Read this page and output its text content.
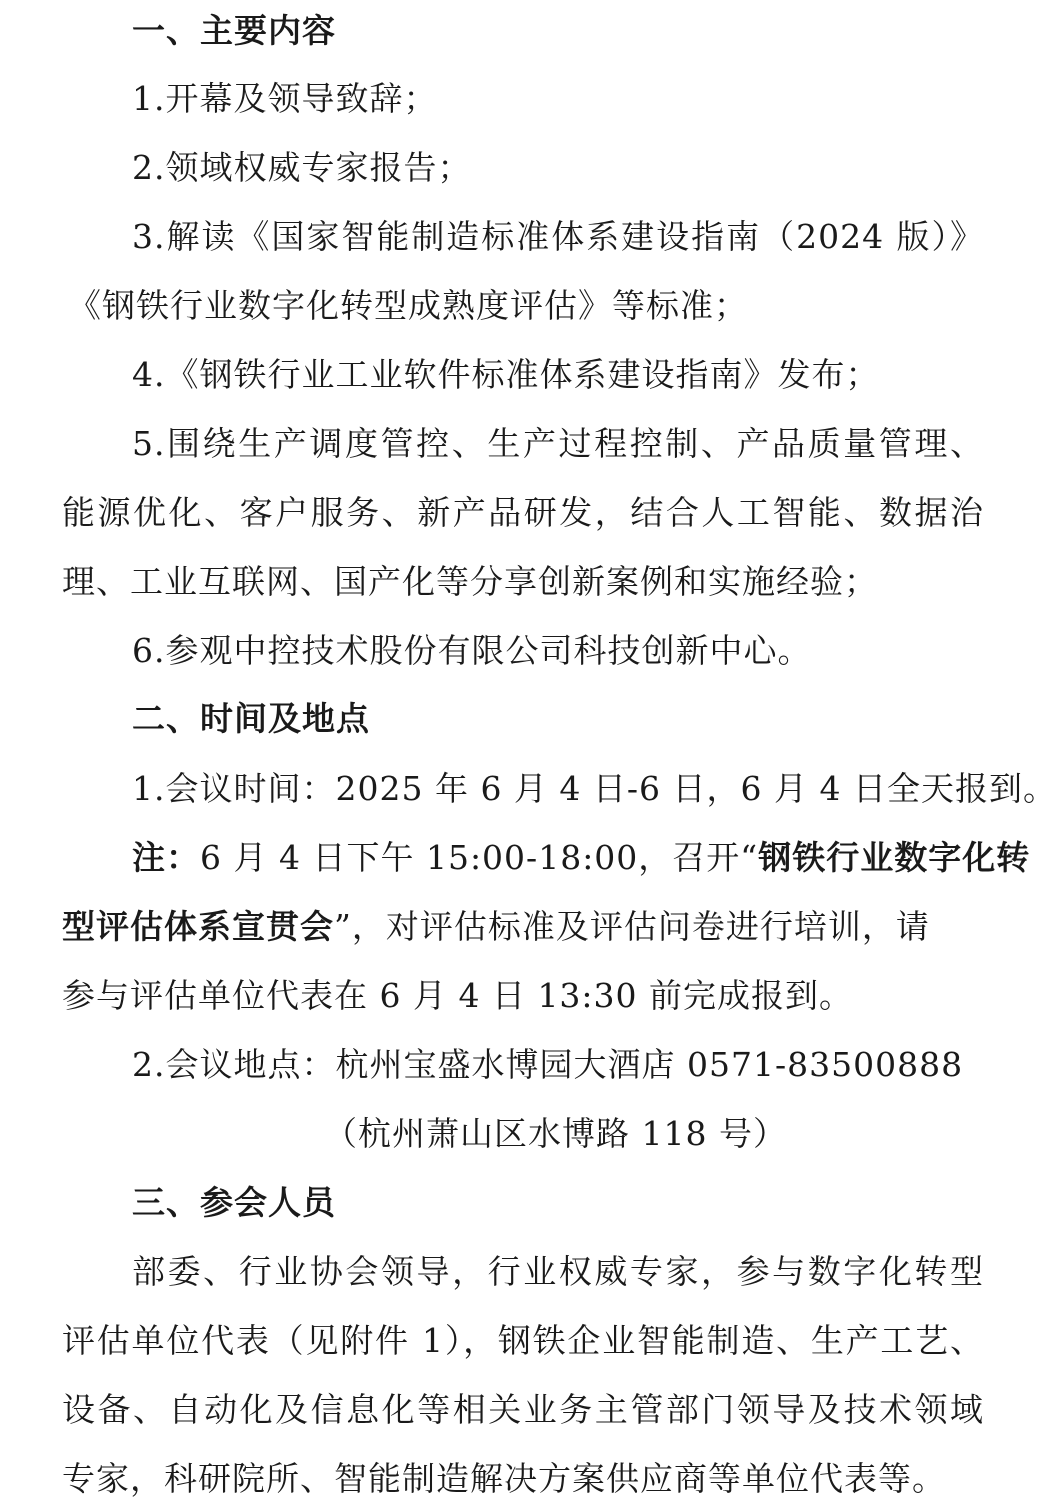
一、主要内容
1.开幕及领导致辞；
2.领域权威专家报告；
3.解读《国家智能制造标准体系建设指南（2024 版）》
《钢铁行业数字化转型成熟度评估》等标准；
4.《钢铁行业工业软件标准体系建设指南》发布；
5.围绕生产调度管控、生产过程控制、产品质量管理、
能源优化、客户服务、新产品研发，结合人工智能、数据治
理、工业互联网、国产化等分享创新案例和实施经验；
6.参观中控技术股份有限公司科技创新中心。
二、时间及地点
1.会议时间：2025 年 6 月 4 日-6 日，6 月 4 日全天报到。
注：6 月 4 日下午 15:00-18:00，召开“钢铁行业数字化转
型评估体系宣贯会”，对评估标准及评估问卷进行培训，请
参与评估单位代表在 6 月 4 日 13:30 前完成报到。
2.会议地点：杭州宝盛水博园大酒店 0571-83500888
（杭州萧山区水博路 118 号）
三、参会人员
部委、行业协会领导，行业权威专家，参与数字化转型
评估单位代表（见附件 1），钢铁企业智能制造、生产工艺、
设备、自动化及信息化等相关业务主管部门领导及技术领域
专家，科研院所、智能制造解决方案供应商等单位代表等。
